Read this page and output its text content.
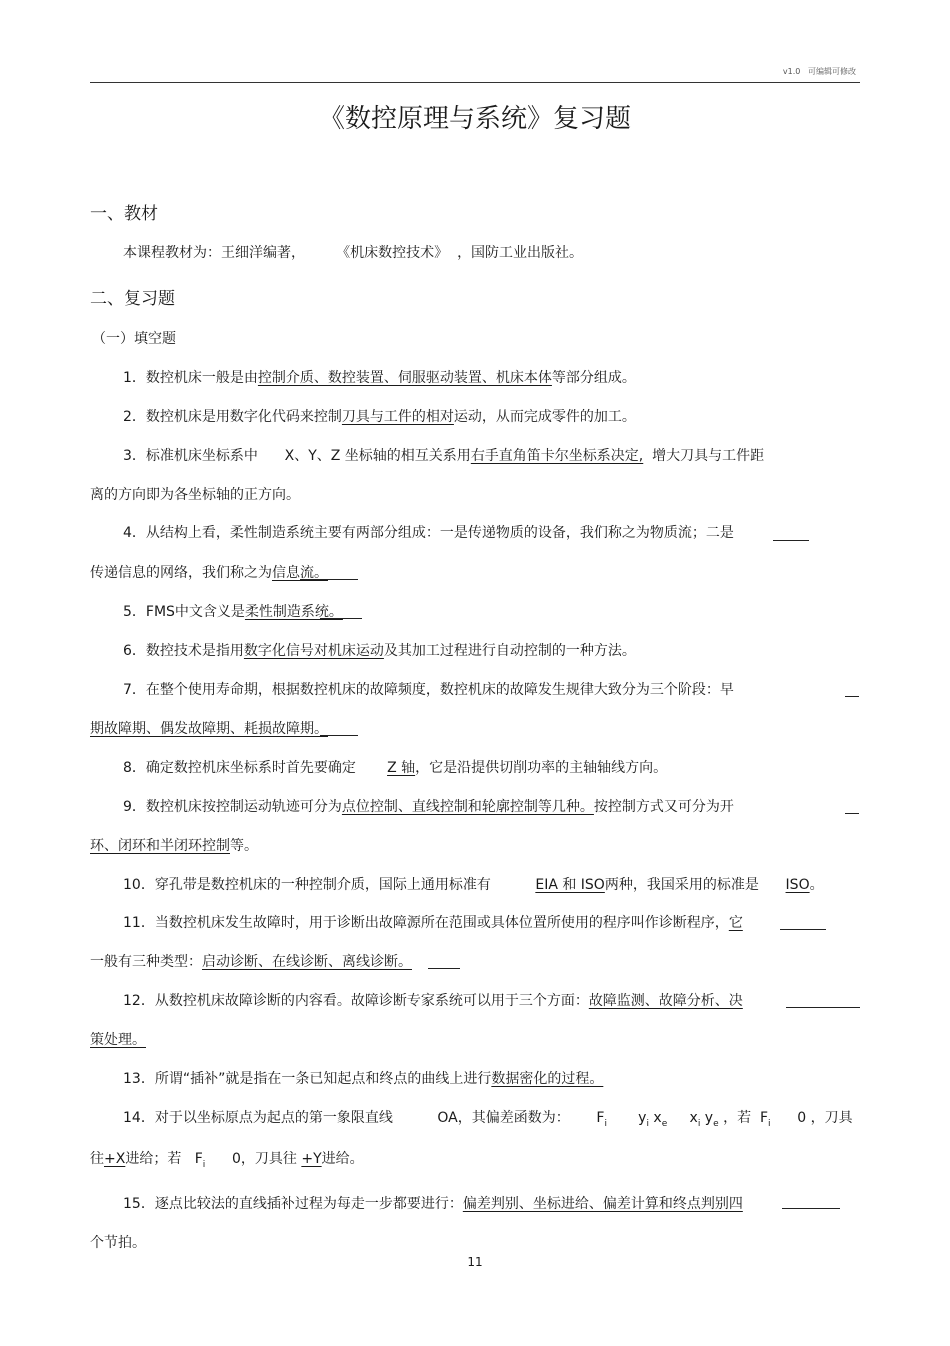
v1.0 可编辑可修改
《数控原理与系统》复习题
一、教材
本课程教材为：王细洋编著， 《机床数控技术》 ，国防工业出版社。
二、复习题
（一）填空题
1．数控机床一般是由控制介质、数控装置、伺服驱动装置、机床本体等部分组成。
2．数控机床是用数字化代码来控制刀具与工件的相对运动，从而完成零件的加工。
3．标准机床坐标系中 X、Y、Z 坐标轴的相互关系用右手直角笛卡尔坐标系决定, 增大刀具与工件距
离的方向即为各坐标轴的正方向。
4．从结构上看，柔性制造系统主要有两部分组成：一是传递物质的设备，我们称之为物质流；二是
传递信息的网络，我们称之为信息流。
5．FMS中文含义是柔性制造系统。
6．数控技术是指用数字化信号对机床运动及其加工过程进行自动控制的一种方法。
7．在整个使用寿命期，根据数控机床的故障频度，数控机床的故障发生规律大致分为三个阶段：早
期故障期、偶发故障期、耗损故障期。
8．确定数控机床坐标系时首先要确定 Z 轴，它是沿提供切削功率的主轴轴线方向。
9．数控机床按控制运动轨迹可分为点位控制、直线控制和轮廓控制等几种。按控制方式又可分为开
环、闭环和半闭环控制等。
10．穿孔带是数控机床的一种控制介质，国际上通用标准有	EIA 和 ISO两种，我国采用的标准是 ISO。
11．当数控机床发生故障时，用于诊断出故障源所在范围或具体位置所使用的程序叫作诊断程序，它
一般有三种类型：启动诊断、在线诊断、离线诊断。
12．从数控机床故障诊断的内容看。故障诊断专家系统可以用于三个方面：故障监测、故障分析、决
策处理。
13．所谓“插补”就是指在一条已知起点和终点的曲线上进行数据密化的过程。
14．对于以坐标原点为起点的第一象限直线	OA，其偏差函数为： $F_i$ $y_i$ $x_e$ $x_i$ $y_e$ ，若 $F_i$ 0 ，刀具
往+X进给；若 $F_i$ 0，刀具往 +Y进给。
15．逐点比较法的直线插补过程为每走一步都要进行：偏差判别、坐标进给、偏差计算和终点判别四
个节拍。
11
